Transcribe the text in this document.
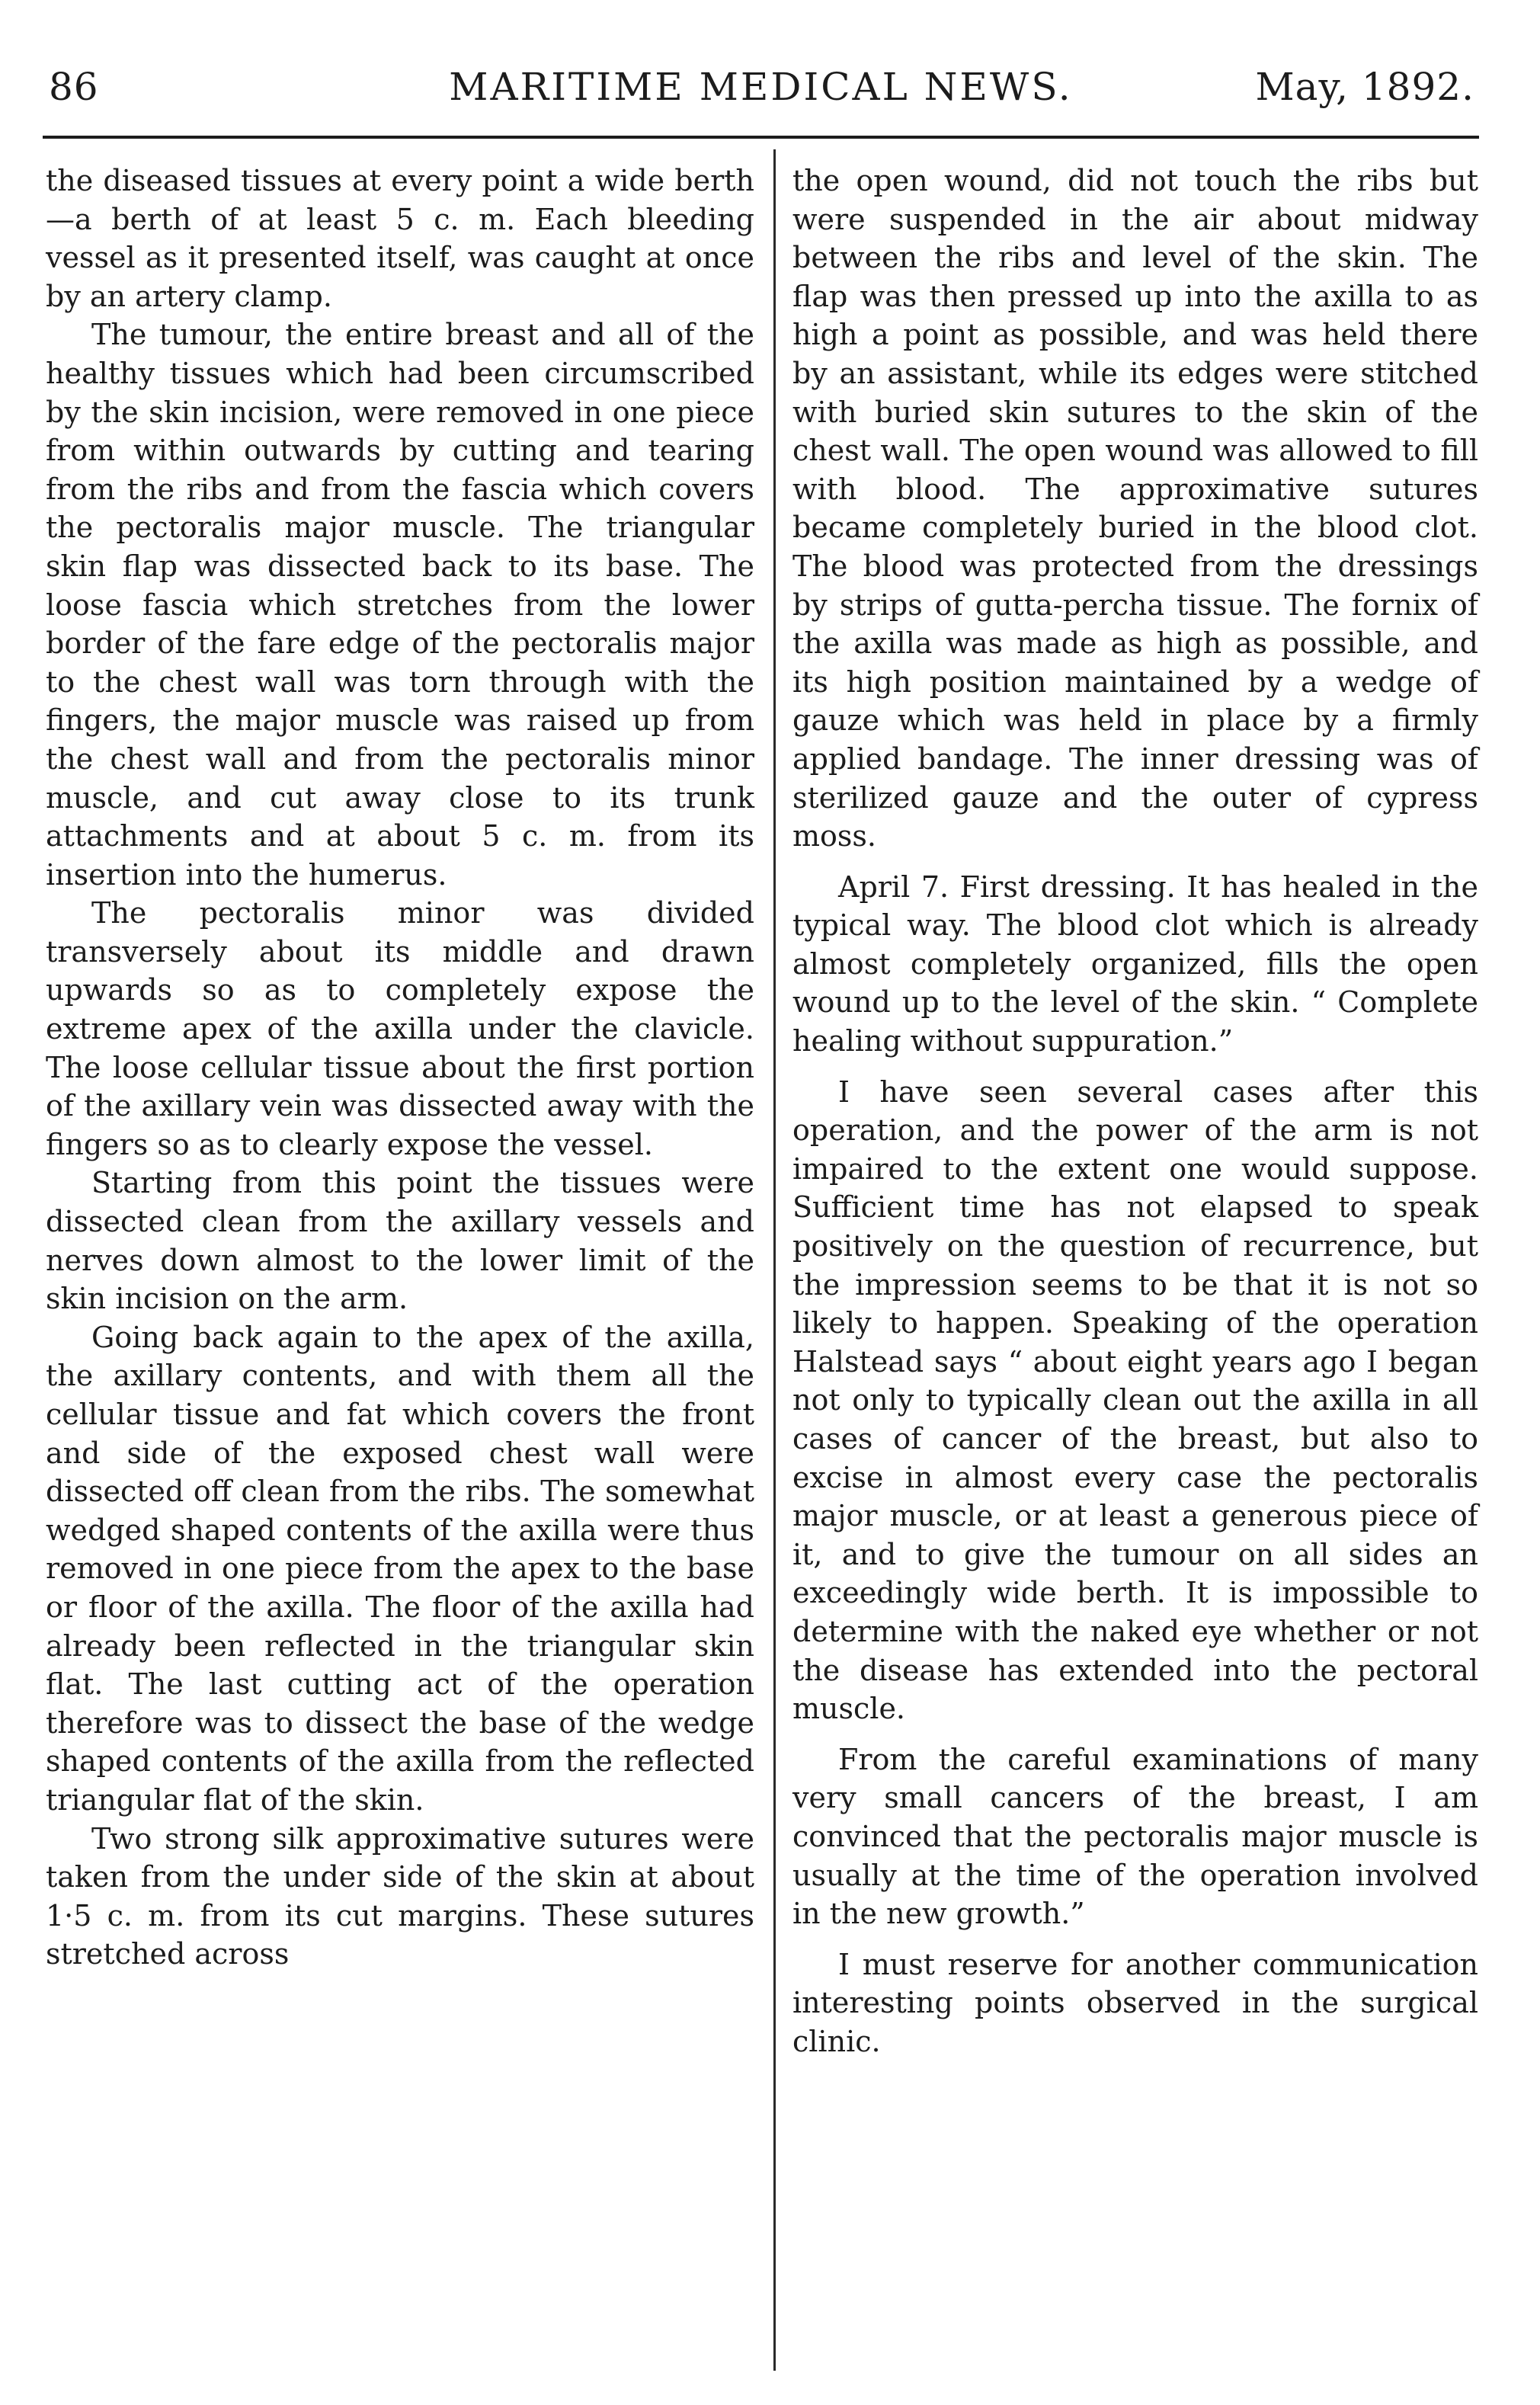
86	MARITIME MEDICAL NEWS.	May, 1892.

the diseased tissues at every point a wide berth—a berth of at least 5 c. m. Each bleeding vessel as it presented itself, was caught at once by an artery clamp.

The tumour, the entire breast and all of the healthy tissues which had been circumscribed by the skin incision, were removed in one piece from within outwards by cutting and tearing from the ribs and from the fascia which covers the pectoralis major muscle. The triangular skin flap was dissected back to its base. The loose fascia which stretches from the lower border of the fare edge of the pectoralis major to the chest wall was torn through with the fingers, the major muscle was raised up from the chest wall and from the pectoralis minor muscle, and cut away close to its trunk attachments and at about 5 c. m. from its insertion into the humerus.

The pectoralis minor was divided transversely about its middle and drawn upwards so as to completely expose the extreme apex of the axilla under the clavicle. The loose cellular tissue about the first portion of the axillary vein was dissected away with the fingers so as to clearly expose the vessel.

Starting from this point the tissues were dissected clean from the axillary vessels and nerves down almost to the lower limit of the skin incision on the arm.

Going back again to the apex of the axilla, the axillary contents, and with them all the cellular tissue and fat which covers the front and side of the exposed chest wall were dissected off clean from the ribs. The somewhat wedged shaped contents of the axilla were thus removed in one piece from the apex to the base or floor of the axilla. The floor of the axilla had already been reflected in the triangular skin flat. The last cutting act of the operation therefore was to dissect the base of the wedge shaped contents of the axilla from the reflected triangular flat of the skin.

Two strong silk approximative sutures were taken from the under side of the skin at about 1·5 c. m. from its cut margins. These sutures stretched across

the open wound, did not touch the ribs but were suspended in the air about midway between the ribs and level of the skin. The flap was then pressed up into the axilla to as high a point as possible, and was held there by an assistant, while its edges were stitched with buried skin sutures to the skin of the chest wall. The open wound was allowed to fill with blood. The approximative sutures became completely buried in the blood clot. The blood was protected from the dressings by strips of gutta-percha tissue. The fornix of the axilla was made as high as possible, and its high position maintained by a wedge of gauze which was held in place by a firmly applied bandage. The inner dressing was of sterilized gauze and the outer of cypress moss.

April 7. First dressing. It has healed in the typical way. The blood clot which is already almost completely organized, fills the open wound up to the level of the skin. “ Complete healing without suppuration.”

I have seen several cases after this operation, and the power of the arm is not impaired to the extent one would suppose. Sufficient time has not elapsed to speak positively on the question of recurrence, but the impression seems to be that it is not so likely to happen. Speaking of the operation Halstead says “ about eight years ago I began not only to typically clean out the axilla in all cases of cancer of the breast, but also to excise in almost every case the pectoralis major muscle, or at least a generous piece of it, and to give the tumour on all sides an exceedingly wide berth. It is impossible to determine with the naked eye whether or not the disease has extended into the pectoral muscle.

From the careful examinations of many very small cancers of the breast, I am convinced that the pectoralis major muscle is usually at the time of the operation involved in the new growth.”

I must reserve for another communication interesting points observed in the surgical clinic.
